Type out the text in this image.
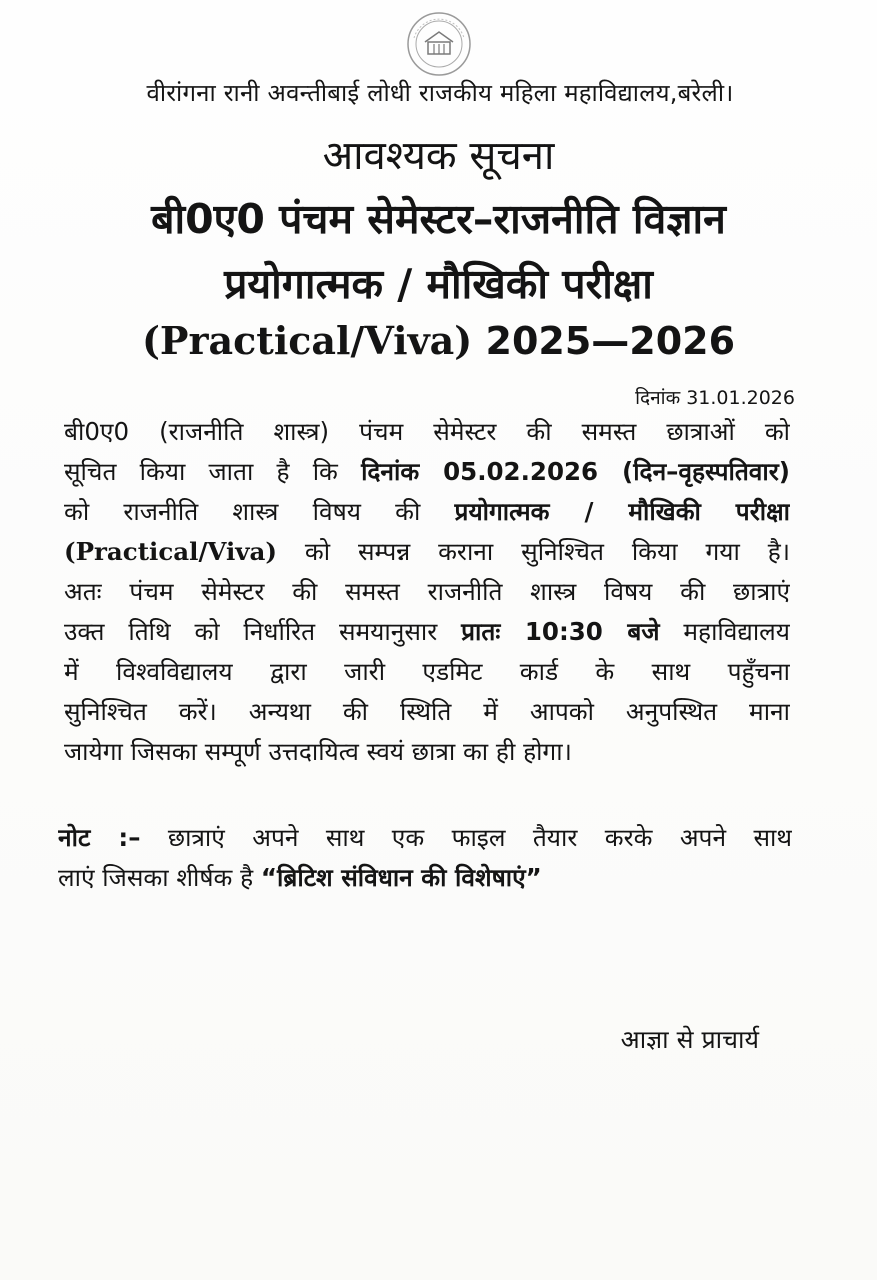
वीरांगना रानी अवन्तीबाई लोधी राजकीय महिला महाविद्यालय,बरेली।
आवश्यक सूचना
बी0ए0 पंचम सेमेस्टर–राजनीति विज्ञान
प्रयोगात्मक / मौखिकी परीक्षा
(Practical/Viva) 2025—2026
दिनांक 31.01.2026
बी0ए0 (राजनीति शास्त्र) पंचम सेमेस्टर की समस्त छात्राओं को
सूचित किया जाता है कि दिनांक 05.02.2026 (दिन–वृहस्पतिवार)
को राजनीति शास्त्र विषय की प्रयोगात्मक / मौखिकी परीक्षा
(Practical/Viva) को सम्पन्न कराना सुनिश्चित किया गया है।
अतः पंचम सेमेस्टर की समस्त राजनीति शास्त्र विषय की छात्राएं
उक्त तिथि को निर्धारित समयानुसार प्रातः 10:30 बजे महाविद्यालय
में विश्वविद्यालय द्वारा जारी एडमिट कार्ड के साथ पहुँचना
सुनिश्चित करें। अन्यथा की स्थिति में आपको अनुपस्थित माना
जायेगा जिसका सम्पूर्ण उत्तदायित्व स्वयं छात्रा का ही होगा।
नोट :– छात्राएं अपने साथ एक फाइल तैयार करके अपने साथ
लाएं जिसका शीर्षक है “ब्रिटिश संविधान की विशेषाएं”
आज्ञा से प्राचार्य
